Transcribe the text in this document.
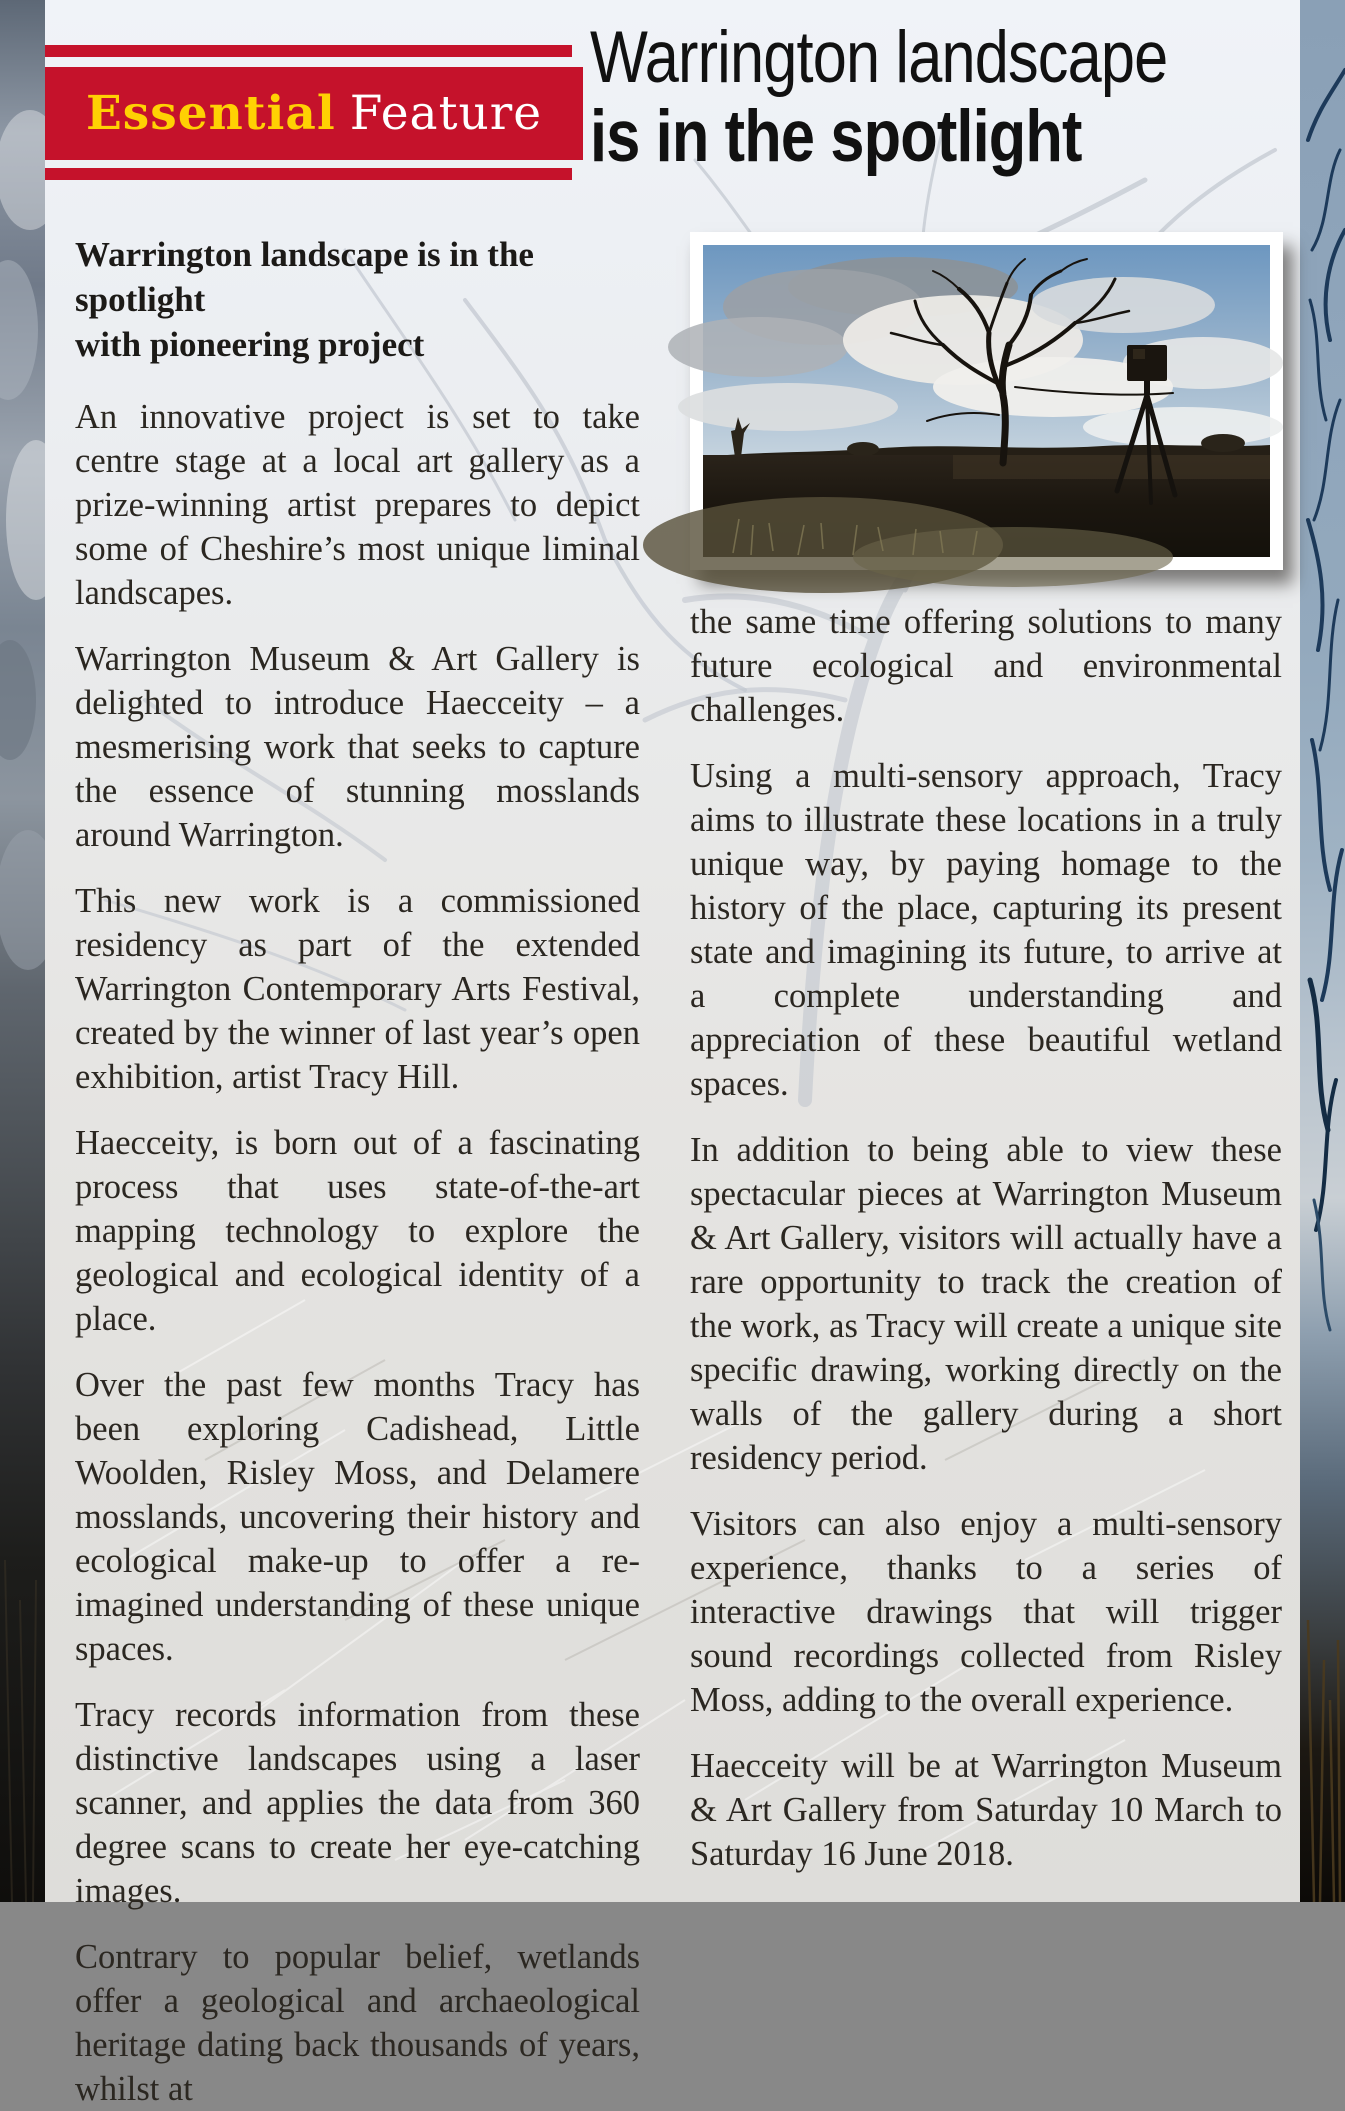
Essential Feature
Warrington landscape
is in the spotlight
Warrington landscape is in the spotlight
with pioneering project

An innovative project is set to take centre stage at a local art gallery as a prize-winning artist prepares to depict some of Cheshire’s most unique liminal landscapes.

Warrington Museum & Art Gallery is delighted to introduce Haecceity – a mesmerising work that seeks to capture the essence of stunning mosslands around Warrington.

This new work is a commissioned residency as part of the extended Warrington Contemporary Arts Festival, created by the winner of last year’s open exhibition, artist Tracy Hill.

Haecceity, is born out of a fascinating process that uses state-of-the-art mapping technology to explore the geological and ecological identity of a place.

Over the past few months Tracy has been exploring Cadishead, Little Woolden, Risley Moss, and Delamere mosslands, uncovering their history and ecological make-up to offer a re-imagined understanding of these unique spaces.

Tracy records information from these distinctive landscapes using a laser scanner, and applies the data from 360 degree scans to create her eye-catching images.

Contrary to popular belief, wetlands offer a geological and archaeological heritage dating back thousands of years, whilst at

the same time offering solutions to many future ecological and environmental challenges.

Using a multi-sensory approach, Tracy aims to illustrate these locations in a truly unique way, by paying homage to the history of the place, capturing its present state and imagining its future, to arrive at a complete understanding and appreciation of these beautiful wetland spaces.

In addition to being able to view these spectacular pieces at Warrington Museum & Art Gallery, visitors will actually have a rare opportunity to track the creation of the work, as Tracy will create a unique site specific drawing, working directly on the walls of the gallery during a short residency period.

Visitors can also enjoy a multi-sensory experience, thanks to a series of interactive drawings that will trigger sound recordings collected from Risley Moss, adding to the overall experience.

Haecceity will be at Warrington Museum & Art Gallery from Saturday 10 March to Saturday 16 June 2018.
